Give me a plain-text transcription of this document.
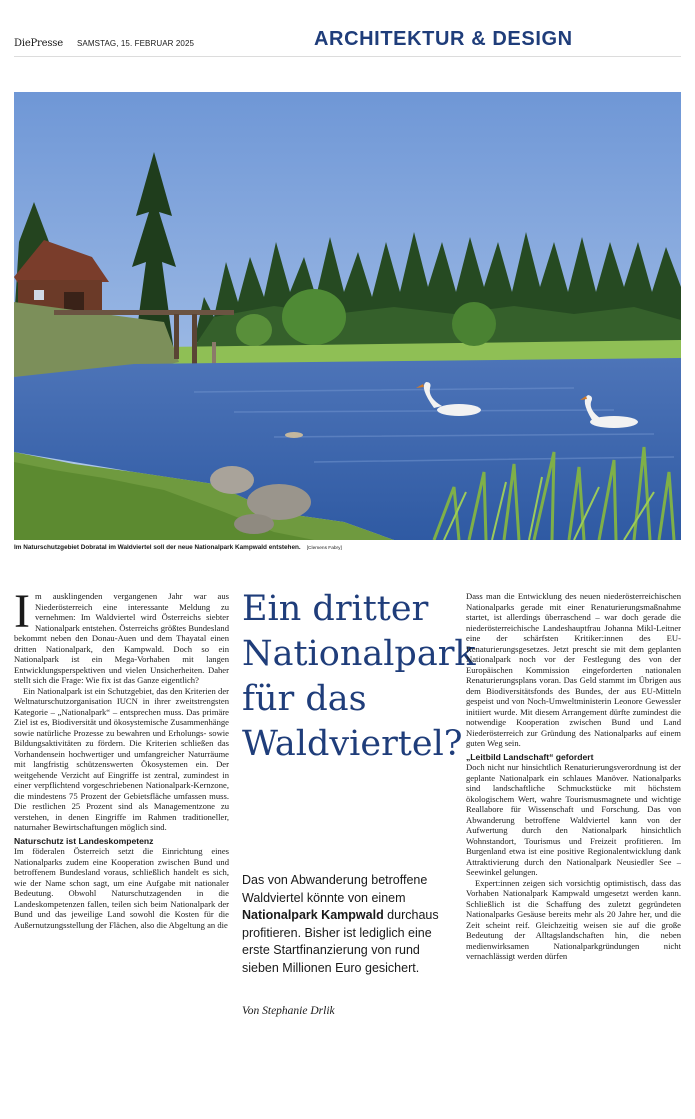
DiePresse SAMSTAG, 15. FEBRUAR 2025	ARCHITEKTUR & DESIGN
Im Naturschutzgebiet Dobratal im Waldviertel soll der neue Nationalpark Kampwald entstehen. [Clemens Fabry]

Im ausklingenden vergangenen Jahr war aus Niederösterreich eine interessante Meldung zu vernehmen: Im Waldviertel wird Österreichs siebter Nationalpark entstehen. Österreichs größtes Bundesland bekommt neben den Donau-Auen und dem Thayatal einen dritten Nationalpark, den Kampwald. Doch so ein Nationalpark ist ein Mega-Vorhaben mit langen Entwicklungsperspektiven und vielen Unsicherheiten. Daher stellt sich die Frage: Wie fix ist das Ganze eigentlich?

Ein Nationalpark ist ein Schutzgebiet, das den Kriterien der Weltnaturschutzorganisation IUCN in ihrer zweitstrengsten Kategorie – „Nationalpark“ – entsprechen muss. Das primäre Ziel ist es, Biodiversität und ökosystemische Zusammenhänge sowie natürliche Prozesse zu bewahren und Erholungs- sowie Bildungsaktivitäten zu fördern. Die Kriterien schließen das Vorhandensein hochwertiger und umfangreicher Naturräume mit langfristig schützenswerten Ökosystemen ein. Der weitgehende Verzicht auf Eingriffe ist zentral, zumindest in einer verpflichtend vorgeschriebenen Nationalpark-Kernzone, die mindestens 75 Prozent der Gebietsfläche umfassen muss. Die restlichen 25 Prozent sind als Managementzone zu verstehen, in denen Eingriffe im Rahmen traditioneller, naturnaher Bewirtschaftungen möglich sind.

Naturschutz ist Landeskompetenz

Im föderalen Österreich setzt die Einrichtung eines Nationalparks zudem eine Kooperation zwischen Bund und betroffenem Bundesland voraus, schließlich handelt es sich, wie der Name schon sagt, um eine Aufgabe mit nationaler Bedeutung. Obwohl Naturschutzagenden in die Landeskompetenzen fallen, teilen sich beim Nationalpark der Bund und das jeweilige Land sowohl die Kosten für die Außernutzungsstellung der Flächen, also die Abgeltung an die

Ein dritter Nationalpark für das Waldviertel?
Das von Abwanderung betroffene Waldviertel könnte von einem Nationalpark Kampwald durchaus profitieren. Bisher ist lediglich eine erste Startfinanzierung von rund sieben Millionen Euro gesichert.
Von Stephanie Drlik

Dass man die Entwicklung des neuen niederösterreichischen Nationalparks gerade mit einer Renaturierungsmaßnahme startet, ist allerdings überraschend – war doch gerade die niederösterreichische Landeshauptfrau Johanna Mikl-Leitner eine der schärfsten Kritiker:innen des EU-Renaturierungsgesetzes. Jetzt prescht sie mit dem geplanten Nationalpark noch vor der Festlegung des von der Europäischen Kommission eingeforderten nationalen Renaturierungsplans voran. Das Geld stammt im Übrigen aus dem Biodiversitätsfonds des Bundes, der aus EU-Mitteln gespeist und von Noch-Umweltministerin Leonore Gewessler initiiert wurde. Mit diesem Arrangement dürfte zumindest die notwendige Kooperation zwischen Bund und Land Niederösterreich zur Gründung des Nationalparks auf einem guten Weg sein.

„Leitbild Landschaft“ gefordert

Doch nicht nur hinsichtlich Renaturierungsverordnung ist der geplante Nationalpark ein schlaues Manöver. Nationalparks sind landschaftliche Schmuckstücke mit höchstem ökologischem Wert, wahre Tourismusmagnete und wichtige Reallabore für Wissenschaft und Forschung. Das von Abwanderung betroffene Waldviertel kann von der Aufwertung durch den Nationalpark hinsichtlich Wohnstandort, Tourismus und Freizeit profitieren. Im Burgenland etwa ist eine positive Regionalentwicklung dank Attraktivierung durch den Nationalpark Neusiedler See – Seewinkel gelungen.

Expert:innen zeigen sich vorsichtig optimistisch, dass das Vorhaben Nationalpark Kampwald umgesetzt werden kann. Schließlich ist die Schaffung des zuletzt gegründeten Nationalparks Gesäuse bereits mehr als 20 Jahre her, und die Zeit scheint reif. Gleichzeitig weisen sie auf die große Bedeutung der Alltagslandschaften hin, die neben medienwirksamen Nationalparkgründungen nicht vernachlässigt werden dürfen
